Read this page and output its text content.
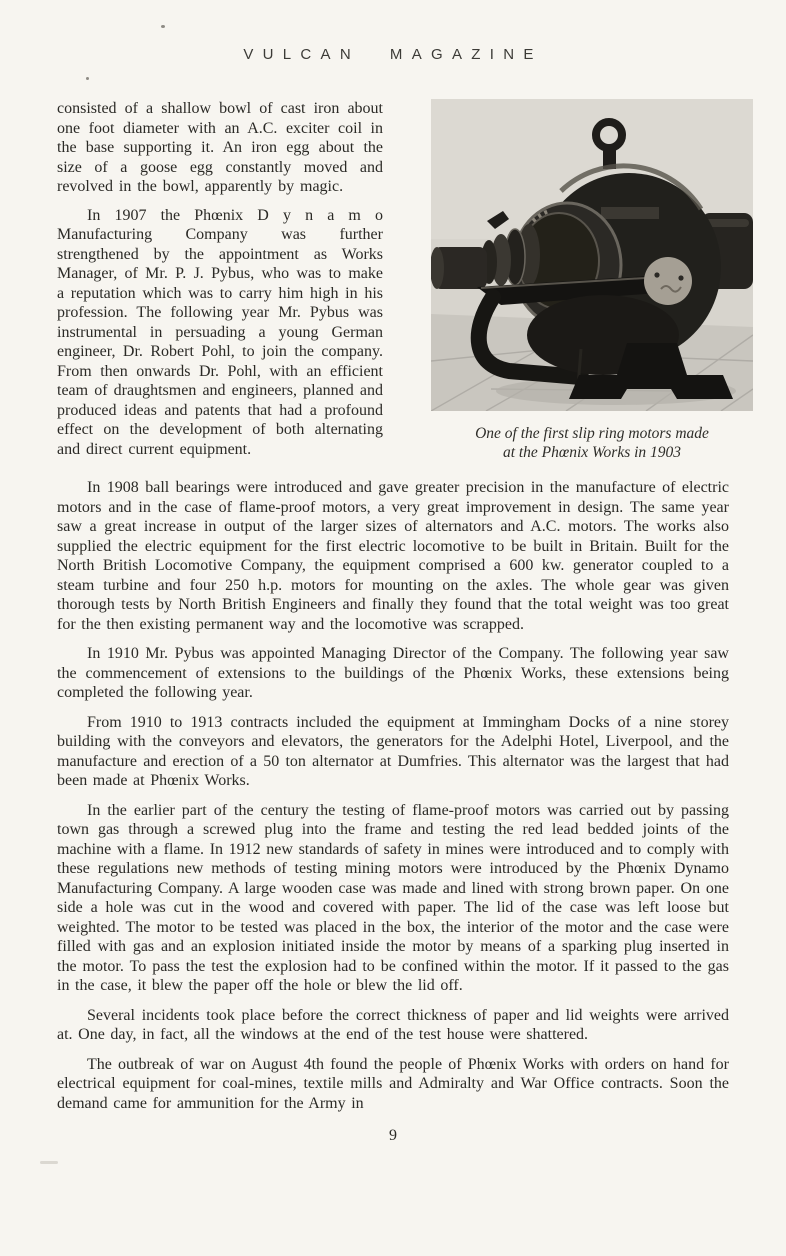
VULCAN MAGAZINE

consisted of a shallow bowl of cast iron about one foot diameter with an A.C. exciter coil in the base supporting it. An iron egg about the size of a goose egg constantly moved and revolved in the bowl, apparently by magic.

In 1907 the Phœnix D y n a m o Manufacturing Company was further strengthened by the appointment as Works Manager, of Mr. P. J. Pybus, who was to make a reputation which was to carry him high in his profession. The following year Mr. Pybus was instrumental in persuading a young German engineer, Dr. Robert Pohl, to join the company. From then onwards Dr. Pohl, with an efficient team of draughtsmen and engineers, planned and produced ideas and patents that had a profound effect on the development of both alternating and direct current equipment.

One of the first slip ring motors made
at the Phœnix Works in 1903

In 1908 ball bearings were introduced and gave greater precision in the manufacture of electric motors and in the case of flame-proof motors, a very great improvement in design. The same year saw a great increase in output of the larger sizes of alternators and A.C. motors. The works also supplied the electric equipment for the first electric locomotive to be built in Britain. Built for the North British Locomotive Company, the equipment comprised a 600 kw. generator coupled to a steam turbine and four 250 h.p. motors for mounting on the axles. The whole gear was given thorough tests by North British Engineers and finally they found that the total weight was too great for the then existing permanent way and the locomotive was scrapped.

In 1910 Mr. Pybus was appointed Managing Director of the Company. The following year saw the commencement of extensions to the buildings of the Phœnix Works, these extensions being completed the following year.

From 1910 to 1913 contracts included the equipment at Immingham Docks of a nine storey building with the conveyors and elevators, the generators for the Adelphi Hotel, Liverpool, and the manufacture and erection of a 50 ton alternator at Dumfries. This alternator was the largest that had been made at Phœnix Works.

In the earlier part of the century the testing of flame-proof motors was carried out by passing town gas through a screwed plug into the frame and testing the red lead bedded joints of the machine with a flame. In 1912 new standards of safety in mines were introduced and to comply with these regulations new methods of testing mining motors were introduced by the Phœnix Dynamo Manufacturing Company. A large wooden case was made and lined with strong brown paper. On one side a hole was cut in the wood and covered with paper. The lid of the case was left loose but weighted. The motor to be tested was placed in the box, the interior of the motor and the case were filled with gas and an explosion initiated inside the motor by means of a sparking plug inserted in the motor. To pass the test the explosion had to be confined within the motor. If it passed to the gas in the case, it blew the paper off the hole or blew the lid off.

Several incidents took place before the correct thickness of paper and lid weights were arrived at. One day, in fact, all the windows at the end of the test house were shattered.

The outbreak of war on August 4th found the people of Phœnix Works with orders on hand for electrical equipment for coal-mines, textile mills and Admiralty and War Office contracts. Soon the demand came for ammunition for the Army in

9
